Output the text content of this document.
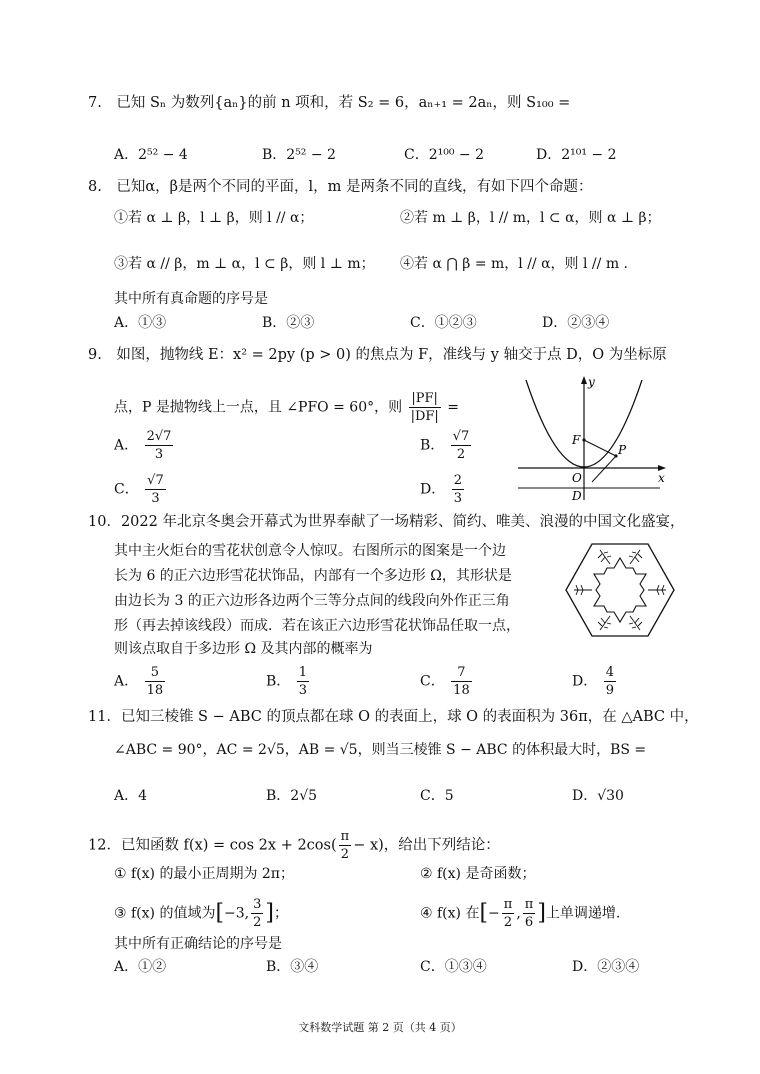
7.　已知 Sₙ 为数列{aₙ}的前 n 项和，若 S₂ = 6，aₙ₊₁ = 2aₙ，则 S₁₀₀ =
A．2⁵² − 4	B．2⁵² − 2	C．2¹⁰⁰ − 2	D．2¹⁰¹ − 2
8.　已知α，β是两个不同的平面，l，m 是两条不同的直线，有如下四个命题：
①若 α ⊥ β，l ⊥ β，则 l // α；	②若 m ⊥ β，l // m，l ⊂ α，则 α ⊥ β；
③若 α // β，m ⊥ α，l ⊂ β，则 l ⊥ m； ④若 α ⋂ β = m，l // α，则 l // m .
其中所有真命题的序号是
A．①③	B．②③	C．①②③	D．②③④
9.　如图，抛物线 E：x² = 2py (p > 0) 的焦点为 F，准线与 y 轴交于点 D，O 为坐标原
点，P 是抛物线上一点，且 ∠PFO = 60°，则 $\frac{|PF|}{|DF|}$ =
A． $\frac{2√7}{3}$	B． $\frac{√7}{2}$
C． $\frac{√7}{3}$	D． $\frac{2}{3}$
y
x
F
P
O
D
10．2022 年北京冬奥会开幕式为世界奉献了一场精彩、简约、唯美、浪漫的中国文化盛宴，
其中主火炬台的雪花状创意令人惊叹。右图所示的图案是一个边
长为 6 的正六边形雪花状饰品，内部有一个多边形 Ω，其形状是
由边长为 3 的正六边形各边两个三等分点间的线段向外作正三角
形（再去掉该线段）而成．若在该正六边形雪花状饰品任取一点，
则该点取自于多边形 Ω 及其内部的概率为
A． $\frac{5}{18}$	B． $\frac{1}{3}$	C． $\frac{7}{18}$	D． $\frac{4}{9}$
11．已知三棱锥 S − ABC 的顶点都在球 O 的表面上，球 O 的表面积为 36π，在 △ABC 中，
∠ABC = 90°，AC = 2√5，AB = √5，则当三棱锥 S − ABC 的体积最大时，BS =
A．4	B．2√5	C．5	D．√30
12．已知函数 $f(x) = \cos 2x + 2\cos( \frac{\pi}{2} - x)$，给出下列结论：
① f(x) 的最小正周期为 2π；	② f(x) 是奇函数；
③ f(x) 的值域为[−3, $\frac{3}{2}$ ]；	④ f(x) 在[− $\frac{\pi}{2}$ , $\frac{\pi}{6}$ ]上单调递增.
其中所有正确结论的序号是
A．①②	B．③④	C．①③④	D．②③④
文科数学试题 第 2 页（共 4 页）
